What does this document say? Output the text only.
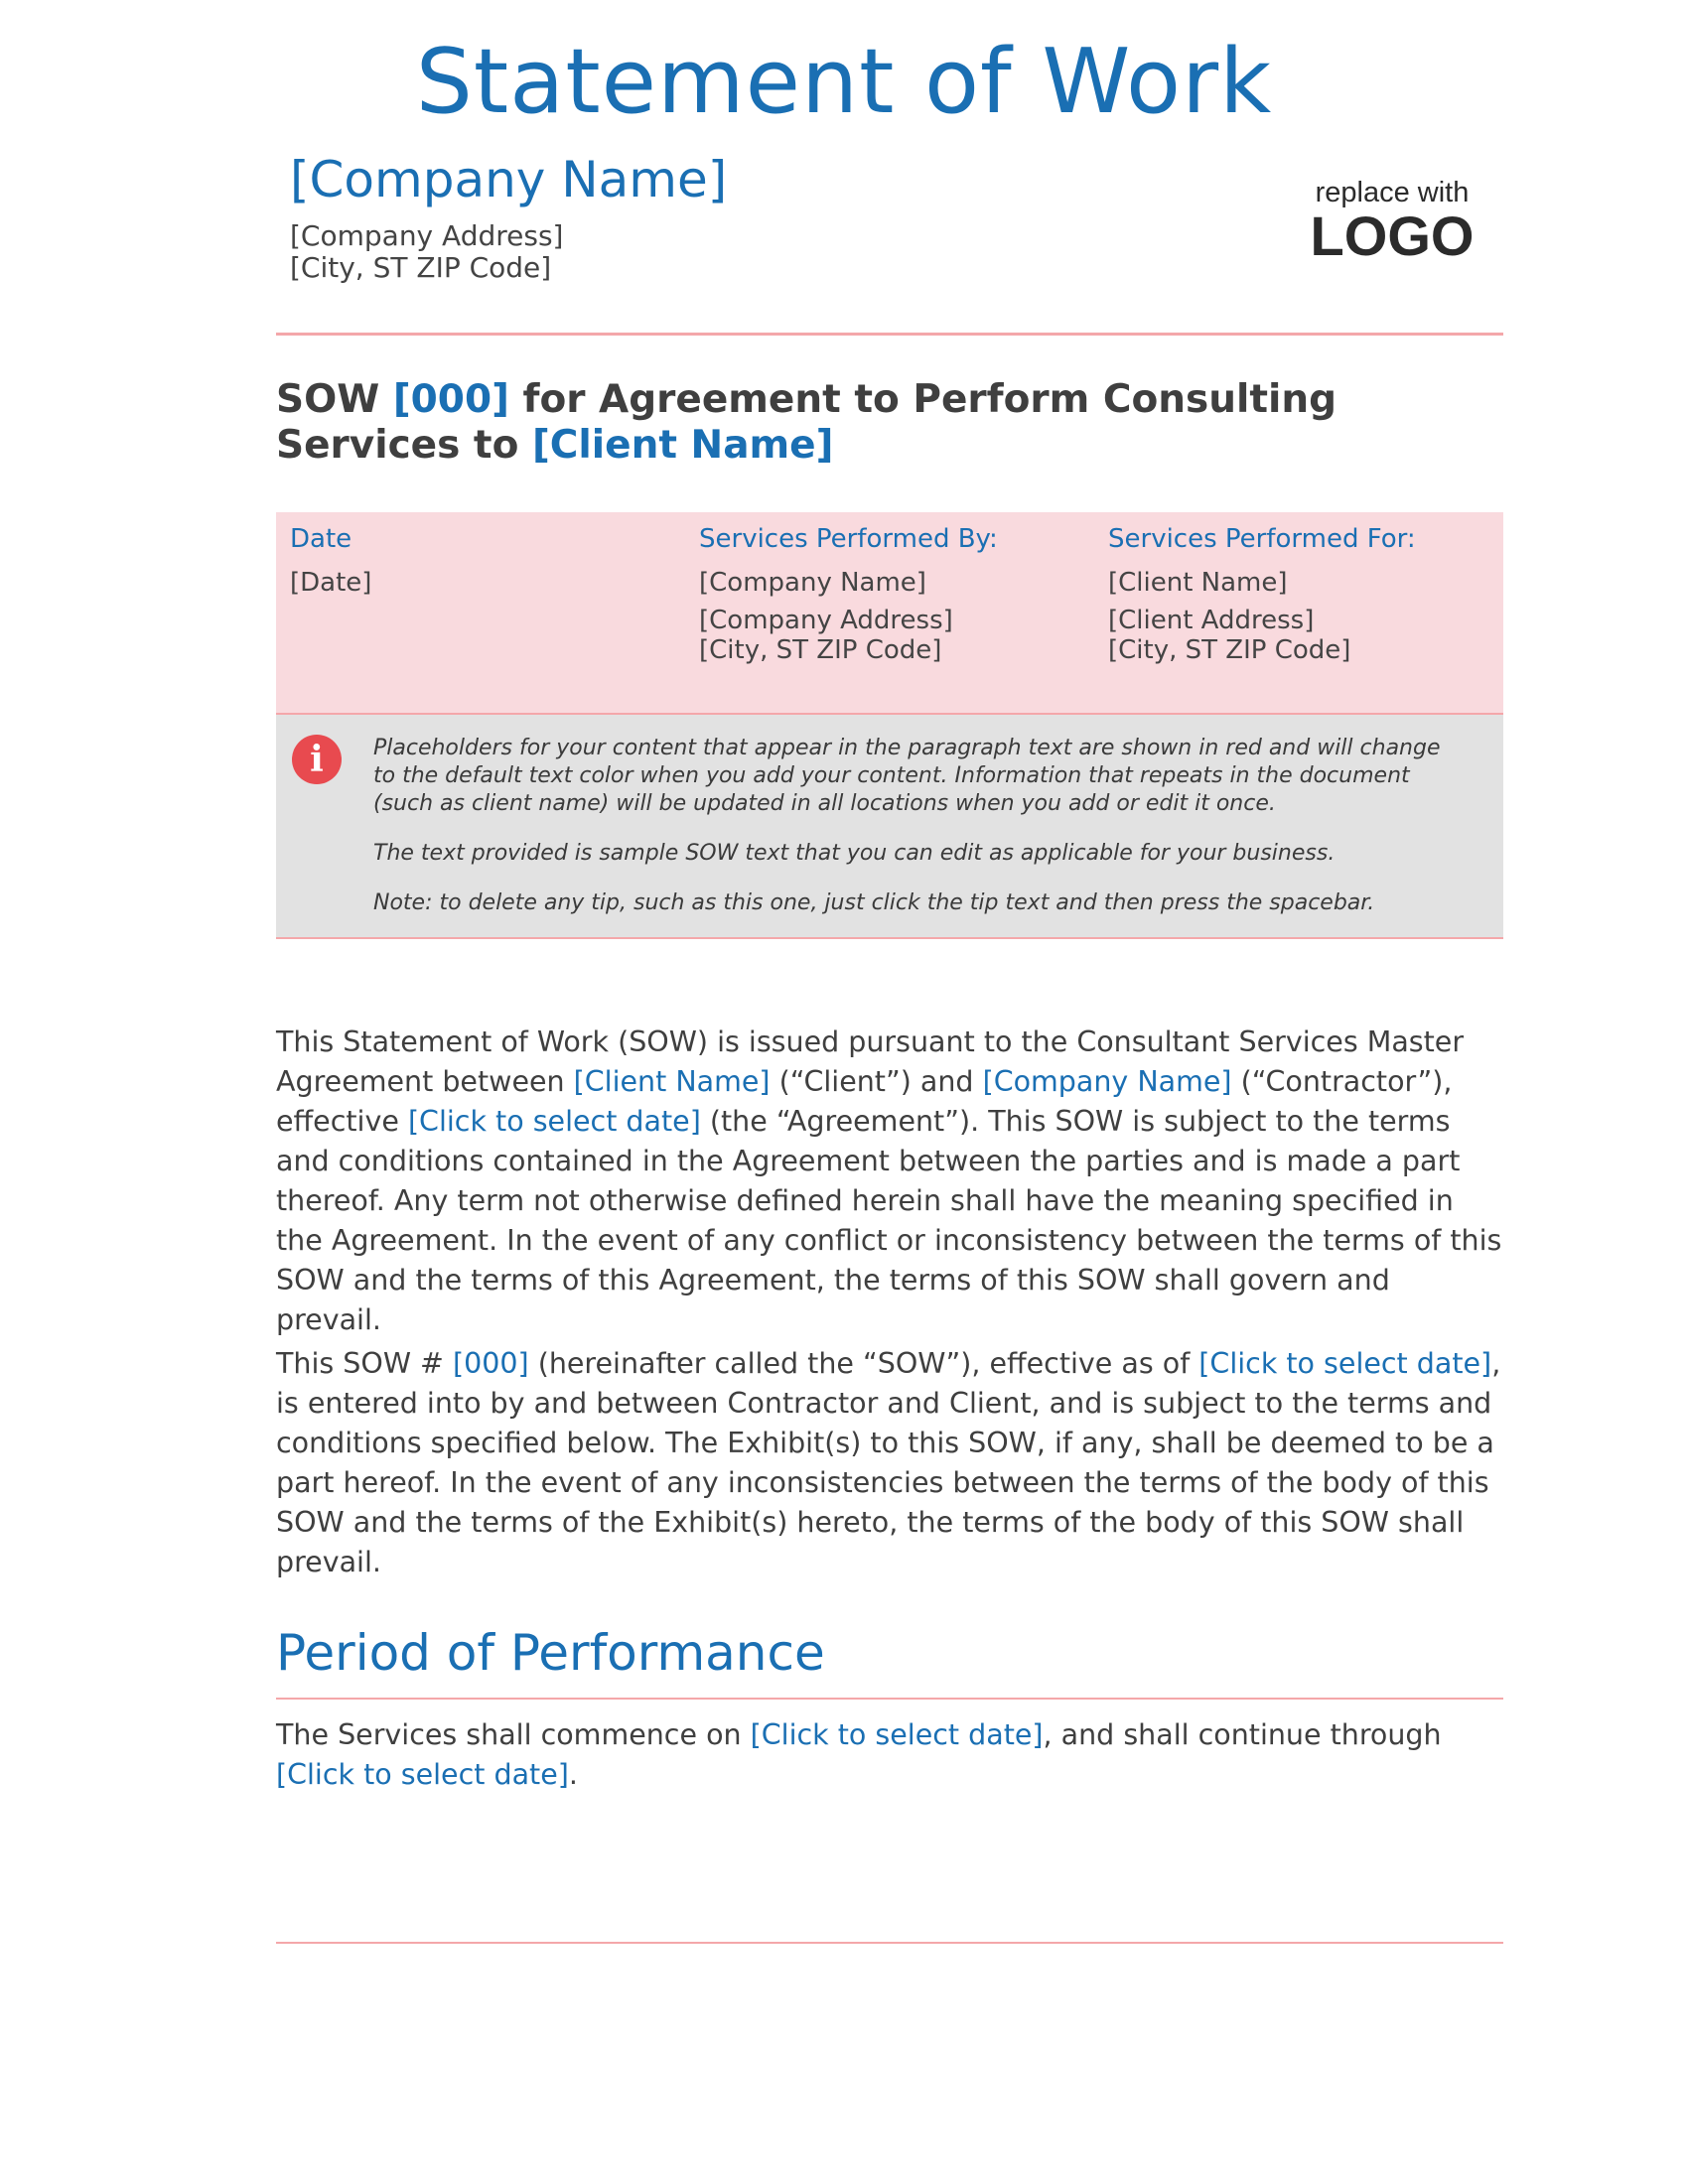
Statement of Work
[Company Name]
[Company Address]
[City, ST ZIP Code]
replace with
LOGO
SOW [000] for Agreement to Perform Consulting Services to [Client Name]
Date
[Date]
Services Performed By:
[Company Name]
[Company Address]
[City, ST ZIP Code]
Services Performed For:
[Client Name]
[Client Address]
[City, ST ZIP Code]
i	Placeholders for your content that appear in the paragraph text are shown in red and will change to the default text color when you add your content. Information that repeats in the document (such as client name) will be updated in all locations when you add or edit it once.

The text provided is sample SOW text that you can edit as applicable for your business.

Note: to delete any tip, such as this one, just click the tip text and then press the spacebar.

This Statement of Work (SOW) is issued pursuant to the Consultant Services Master Agreement between [Client Name] (“Client”) and [Company Name] (“Contractor”), effective [Click to select date] (the “Agreement”). This SOW is subject to the terms and conditions contained in the Agreement between the parties and is made a part thereof. Any term not otherwise defined herein shall have the meaning specified in the Agreement. In the event of any conflict or inconsistency between the terms of this SOW and the terms of this Agreement, the terms of this SOW shall govern and prevail.

This SOW # [000] (hereinafter called the “SOW”), effective as of [Click to select date], is entered into by and between Contractor and Client, and is subject to the terms and conditions specified below. The Exhibit(s) to this SOW, if any, shall be deemed to be a part hereof. In the event of any inconsistencies between the terms of the body of this SOW and the terms of the Exhibit(s) hereto, the terms of the body of this SOW shall prevail.

Period of Performance

The Services shall commence on [Click to select date], and shall continue through [Click to select date].
